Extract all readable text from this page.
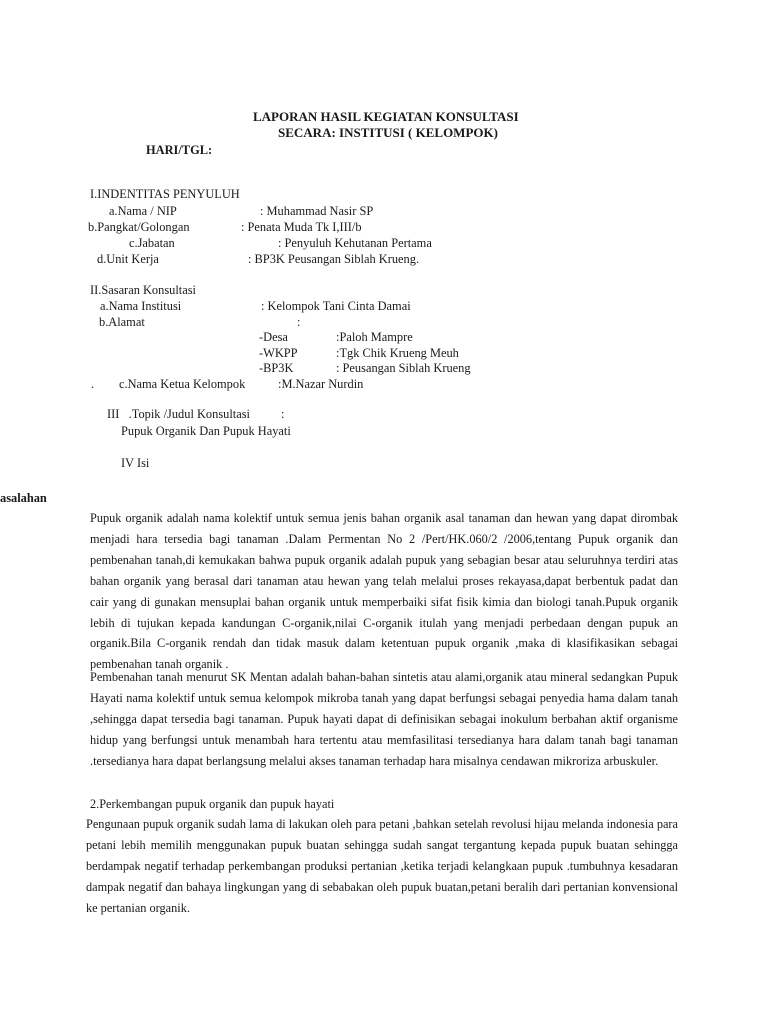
LAPORAN HASIL KEGIATAN KONSULTASI
SECARA: INSTITUSI ( KELOMPOK)
HARI/TGL:
I.INDENTITAS PENYULUH
a.Nama / NIP	: Muhammad Nasir SP
b.Pangkat/Golongan	: Penata Muda Tk I,III/b
c.Jabatan	: Penyuluh Kehutanan Pertama
d.Unit Kerja	: BP3K Peusangan Siblah Krueng.
II.Sasaran Konsultasi
a.Nama Institusi	: Kelompok Tani Cinta Damai
b.Alamat	:
-Desa	:Paloh Mampre
-WKPP	:Tgk Chik Krueng Meuh
-BP3K	: Peusangan Siblah Krueng
. c.Nama Ketua Kelompok	:M.Nazar Nurdin
III   .Topik /Judul Konsultasi	:
Pupuk Organik Dan Pupuk Hayati
IV Isi
asalahan

Pupuk organik adalah nama kolektif untuk semua jenis bahan organik asal tanaman dan hewan yang dapat dirombak menjadi hara tersedia bagi tanaman .Dalam Permentan No 2 /Pert/HK.060/2 /2006,tentang Pupuk organik dan pembenahan tanah,di kemukakan bahwa pupuk organik adalah pupuk yang sebagian besar atau seluruhnya terdiri atas bahan organik yang berasal dari tanaman atau hewan yang telah melalui proses rekayasa,dapat berbentuk padat dan cair yang di gunakan mensuplai bahan organik untuk memperbaiki sifat fisik kimia dan biologi tanah.Pupuk organik lebih di tujukan kepada kandungan C-organik,nilai C-organik itulah yang menjadi perbedaan dengan pupuk an organik.Bila C-organik rendah dan tidak masuk dalam ketentuan pupuk organik ,maka di klasifikasikan sebagai pembenahan tanah organik .

Pembenahan tanah menurut SK Mentan adalah bahan-bahan sintetis atau alami,organik atau mineral sedangkan Pupuk Hayati nama kolektif untuk semua kelompok mikroba tanah yang dapat berfungsi sebagai penyedia hama dalam tanah ,sehingga dapat tersedia bagi tanaman. Pupuk hayati dapat di definisikan sebagai inokulum berbahan aktif organisme hidup yang berfungsi untuk menambah hara tertentu atau memfasilitasi tersedianya hara dalam tanah bagi tanaman .tersedianya hara dapat berlangsung melalui akses tanaman terhadap hara misalnya cendawan mikroriza arbuskuler.

2.Perkembangan pupuk organik dan pupuk hayati

Pengunaan pupuk organik sudah lama di lakukan oleh para petani ,bahkan setelah revolusi hijau melanda indonesia para petani lebih memilih menggunakan pupuk buatan sehingga sudah sangat tergantung kepada pupuk buatan sehingga berdampak negatif terhadap perkembangan produksi pertanian ,ketika terjadi kelangkaan pupuk .tumbuhnya kesadaran dampak negatif dan bahaya lingkungan yang di sebabakan oleh pupuk buatan,petani beralih dari pertanian konvensional ke pertanian organik.
